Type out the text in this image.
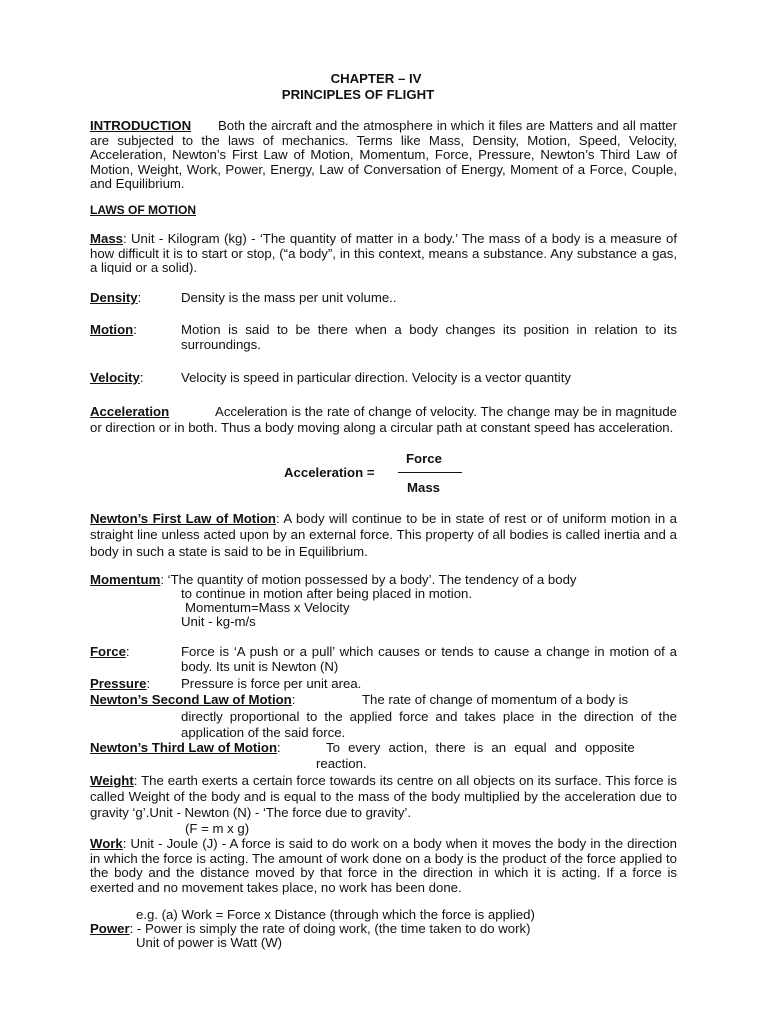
CHAPTER – IV
PRINCIPLES OF FLIGHT

INTRODUCTION Both the aircraft and the atmosphere in which it files are Matters and all matter are subjected to the laws of mechanics. Terms like Mass, Density, Motion, Speed, Velocity, Acceleration, Newton’s First Law of Motion, Momentum, Force, Pressure, Newton’s Third Law of Motion, Weight, Work, Power, Energy, Law of Conversation of Energy, Moment of a Force, Couple, and Equilibrium.

LAWS OF MOTION

Mass: Unit - Kilogram (kg) - ‘The quantity of matter in a body.’ The mass of a body is a measure of how difficult it is to start or stop, (“a body”, in this context, means a substance. Any substance a gas, a liquid or a solid).

Density:	Density is the mass per unit volume..
Motion:	Motion is said to be there when a body changes its position in relation to its surroundings.

Velocity:	Velocity is speed in particular direction. Velocity is a vector quantity

Acceleration	Acceleration is the rate of change of velocity. The change may be in magnitude or direction or in both. Thus a body moving along a circular path at constant speed has acceleration.

Acceleration =
Force
Mass

Newton’s First Law of Motion: A body will continue to be in state of rest or of uniform motion in a straight line unless acted upon by an external force. This property of all bodies is called inertia and a body in such a state is said to be in Equilibrium.

Momentum: ‘The quantity of motion possessed by a body’. The tendency of a body
to continue in motion after being placed in motion.
Momentum=Mass x Velocity
Unit - kg-m/s
Force:	Force is ‘A push or a pull’ which causes or tends to cause a change in motion of a body. Its unit is Newton (N)

Pressure: Pressure is force per unit area.
Newton’s Second Law of Motion:	The rate of change of momentum of a body is

directly proportional to the applied force and takes place in the direction of the application of the said force.

Newton’s Third Law of Motion:	To every action, there is an equal and opposite
reaction.

Weight: The earth exerts a certain force towards its centre on all objects on its surface. This force is called Weight of the body and is equal to the mass of the body multiplied by the acceleration due to gravity ‘g’.Unit - Newton (N) - ‘The force due to gravity’.

(F = m x g)

Work: Unit - Joule (J) - A force is said to do work on a body when it moves the body in the direction in which the force is acting. The amount of work done on a body is the product of the force applied to the body and the distance moved by that force in the direction in which it is acting. If a force is exerted and no movement takes place, no work has been done.

e.g. (a) Work = Force x Distance (through which the force is applied)
Power: - Power is simply the rate of doing work, (the time taken to do work)
Unit of power is Watt (W)
